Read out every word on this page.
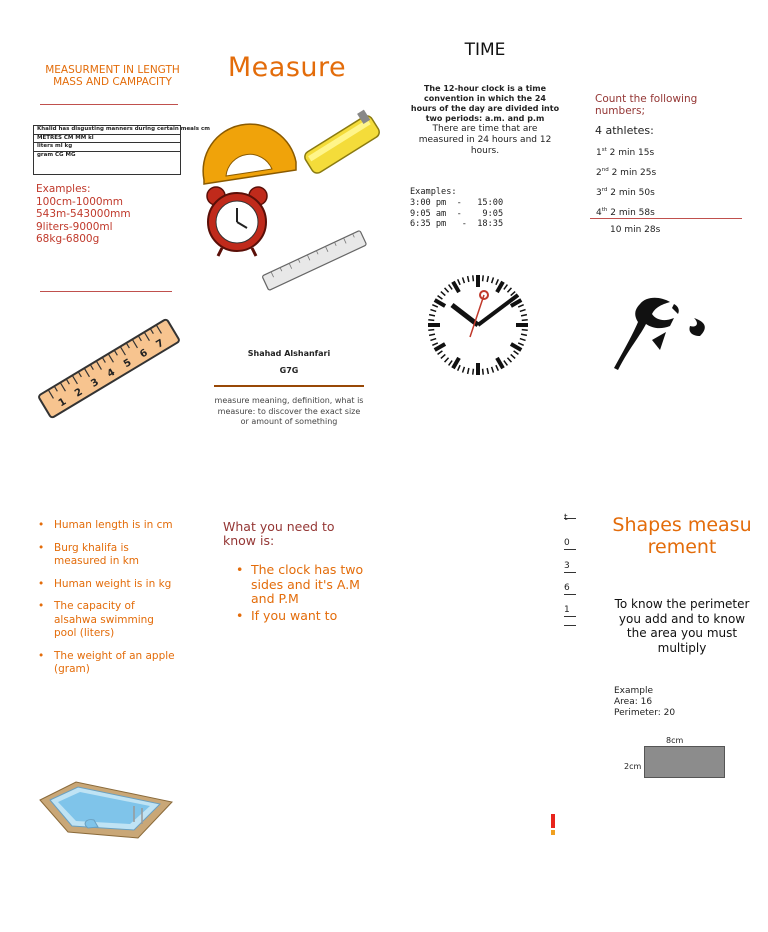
MEASURMENT IN LENGTH MASS AND CAMPACITY
Khalid has disgusting manners during certain meals cm
METRES CM MM kl
liters ml kg
gram CG MG
Examples:
100cm-1000mm
543m-543000mm
9liters-9000ml
68kg-6800g
1
2
3
4
5
6
7
Measure
Shahad Alshanfari
G7G
measure meaning, definition, what is measure: to discover the exact size or amount of something
TIME
The 12-hour clock is a time convention in which the 24 hours of the day are divided into two periods: a.m. and p.m
There are time that are measured in 24 hours and 12 hours.
Examples:
3:00 pm  -   15:00
9:05 am  -    9:05
6:35 pm   -  18:35
Count the following numbers;
4 athletes:
1st 2 min 15s
2nd 2 min 25s
3rd 2 min 50s
4th 2 min 58s
10 min 28s
• Human length is in cm
• Burg khalifa is measured in km
• Human weight is in kg
• The capacity of alsahwa swimming pool (liters)
• The weight of an apple (gram)
What you need to know is:
• The clock has two sides and it's A.M and P.M
• If you want to
t
0
3
6
1
Shapes measurement
To know the perimeter you add and to know the area you must multiply
Example
Area: 16
Perimeter: 20
8cm
2cm
